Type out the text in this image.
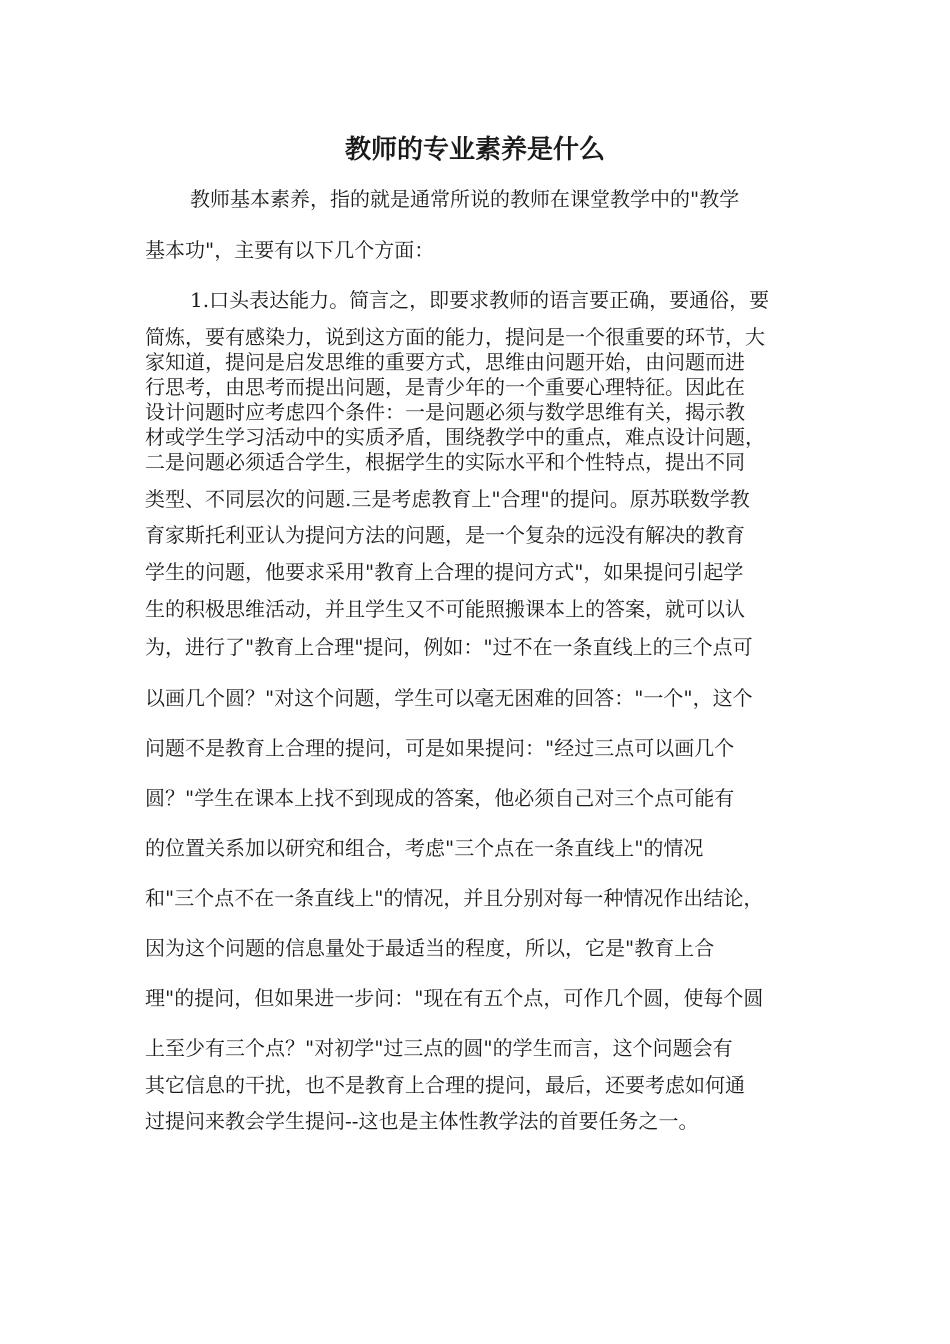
教师的专业素养是什么

教师基本素养，指的就是通常所说的教师在课堂教学中的"教学

基本功"，主要有以下几个方面：

1.口头表达能力。简言之，即要求教师的语言要正确，要通俗，要

简炼，要有感染力，说到这方面的能力，提问是一个很重要的环节，大

家知道，提问是启发思维的重要方式，思维由问题开始，由问题而进

行思考，由思考而提出问题，是青少年的一个重要心理特征。因此在

设计问题时应考虑四个条件：一是问题必须与数学思维有关，揭示教

材或学生学习活动中的实质矛盾，围绕教学中的重点，难点设计问题，

二是问题必须适合学生，根据学生的实际水平和个性特点，提出不同

类型、不同层次的问题.三是考虑教育上"合理"的提问。原苏联数学教

育家斯托利亚认为提问方法的问题，是一个复杂的远没有解决的教育

学生的问题，他要求采用"教育上合理的提问方式"，如果提问引起学

生的积极思维活动，并且学生又不可能照搬课本上的答案，就可以认

为，进行了"教育上合理"提问，例如："过不在一条直线上的三个点可

以画几个圆？"对这个问题，学生可以毫无困难的回答："一个"，这个

问题不是教育上合理的提问，可是如果提问："经过三点可以画几个

圆？"学生在课本上找不到现成的答案，他必须自己对三个点可能有

的位置关系加以研究和组合，考虑"三个点在一条直线上"的情况

和"三个点不在一条直线上"的情况，并且分别对每一种情况作出结论，

因为这个问题的信息量处于最适当的程度，所以，它是"教育上合

理"的提问，但如果进一步问："现在有五个点，可作几个圆，使每个圆

上至少有三个点？"对初学"过三点的圆"的学生而言，这个问题会有

其它信息的干扰，也不是教育上合理的提问，最后，还要考虑如何通

过提问来教会学生提问--这也是主体性教学法的首要任务之一。
